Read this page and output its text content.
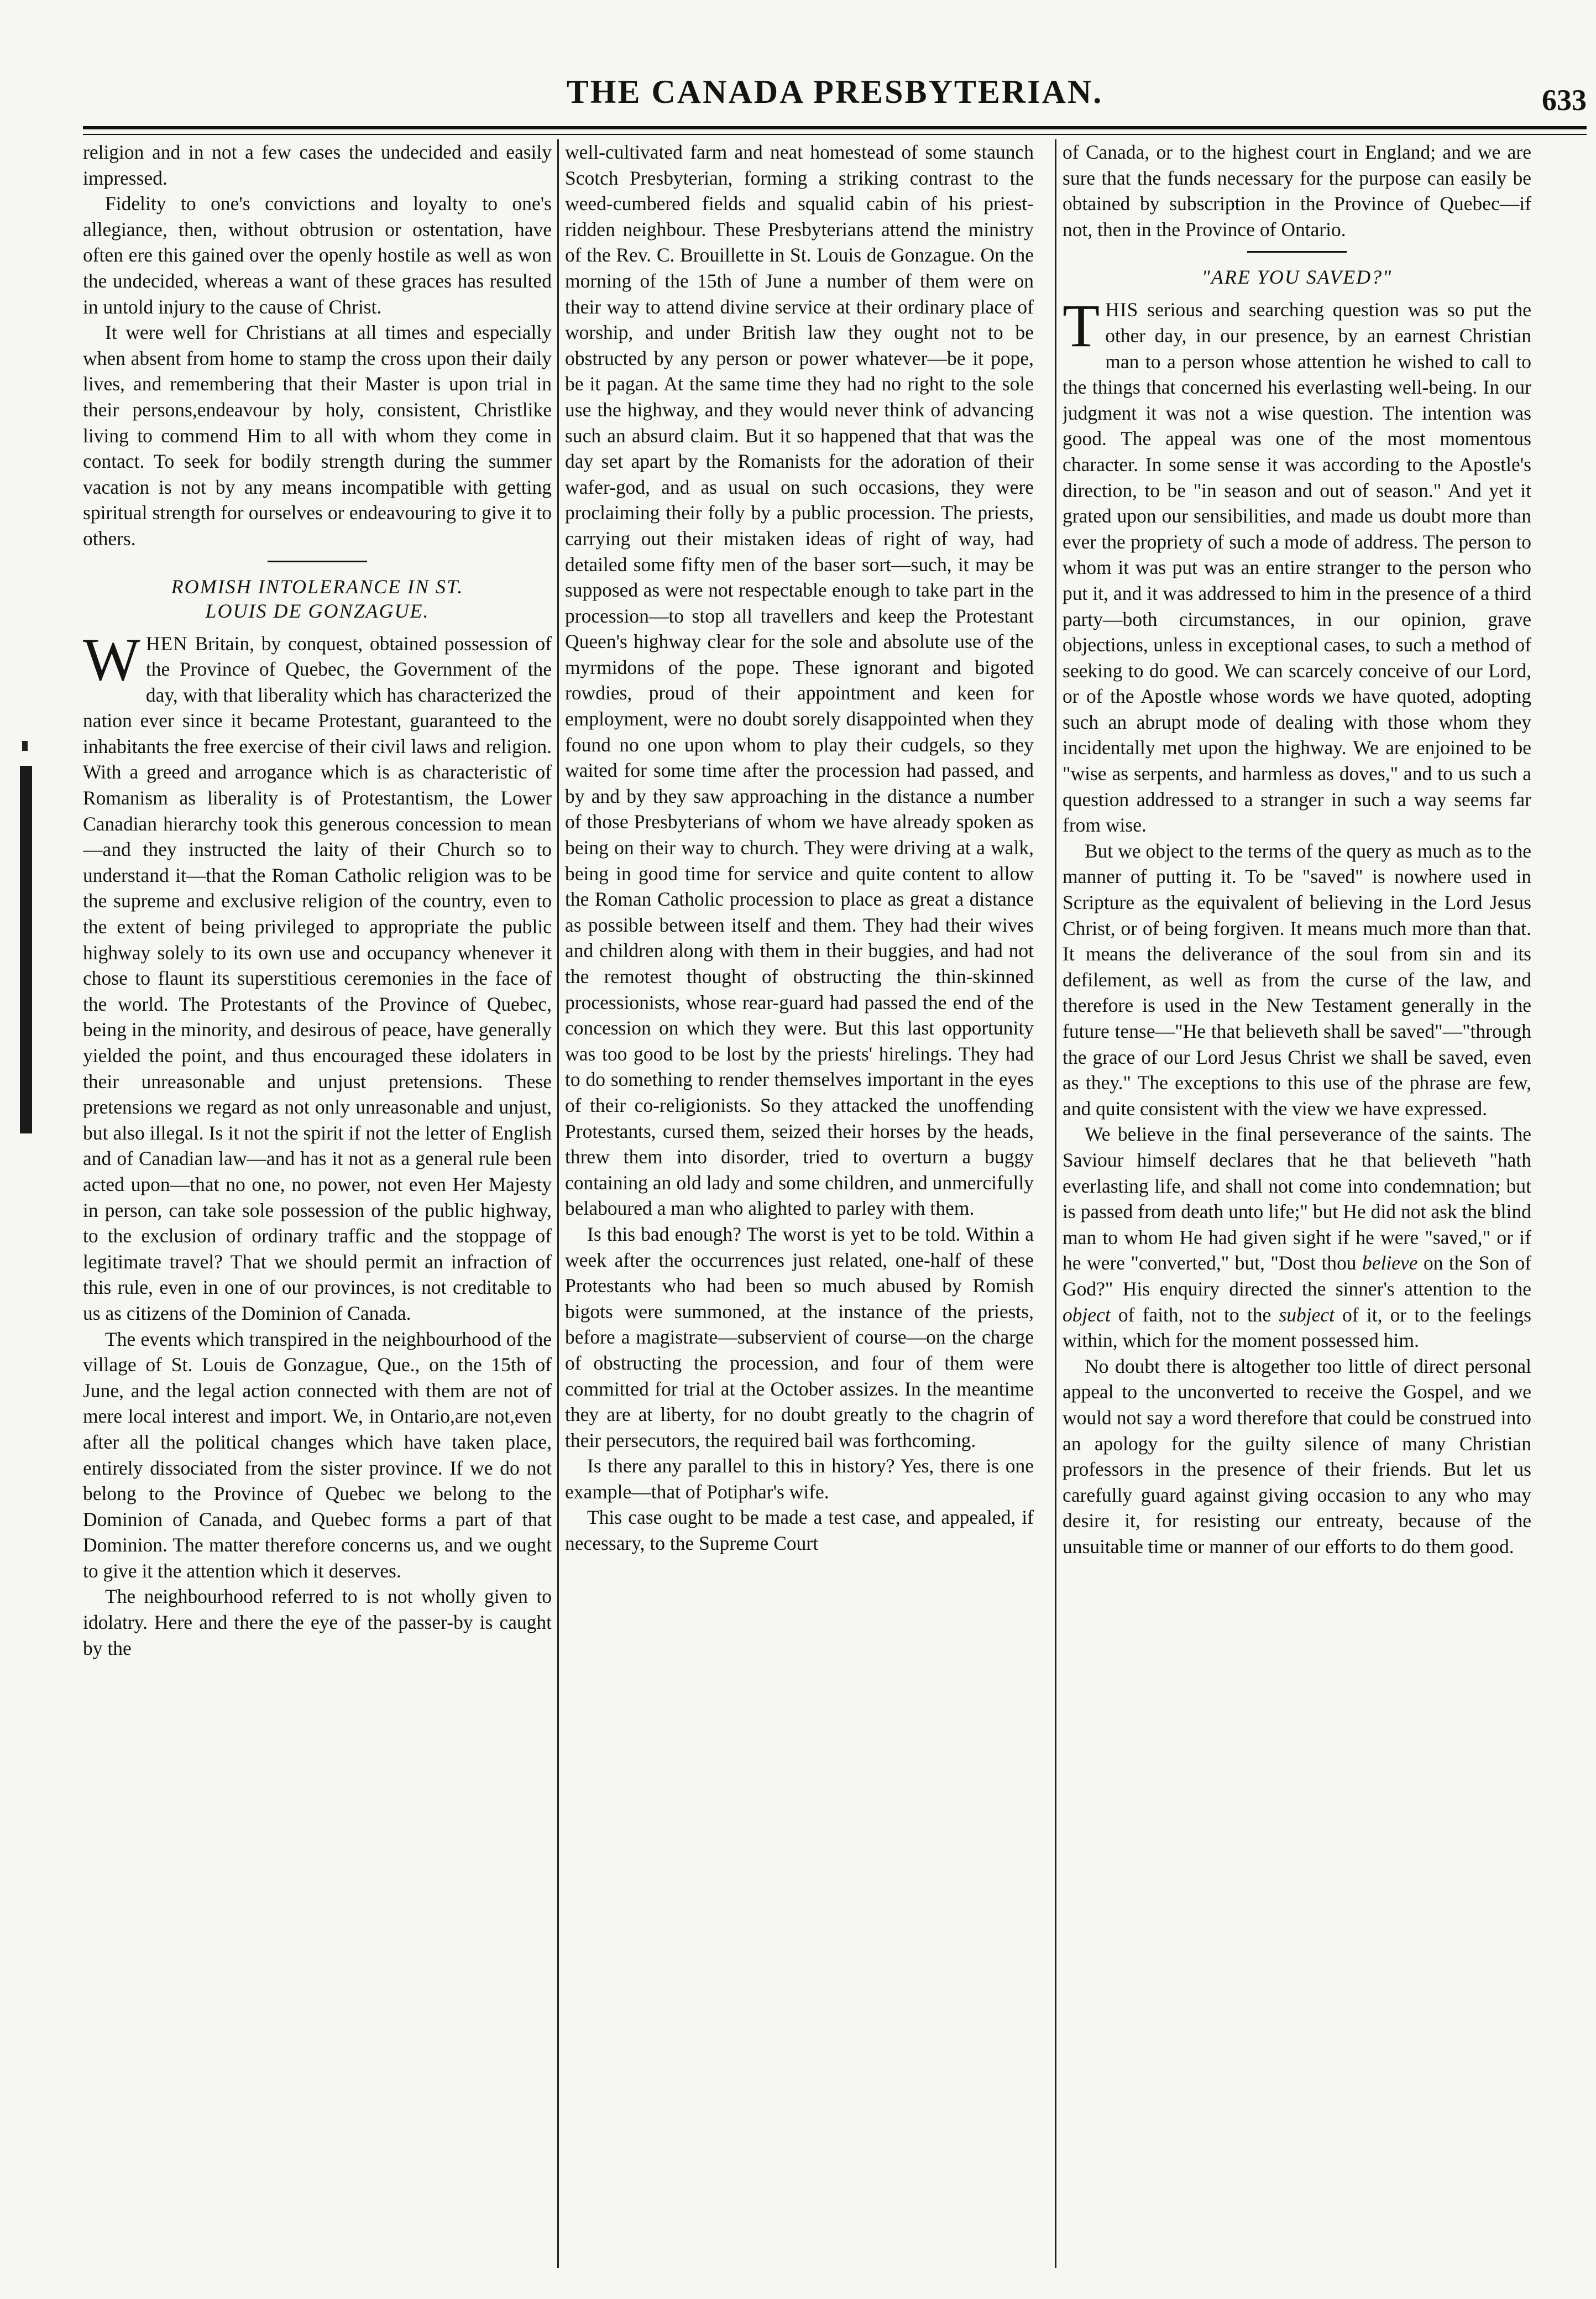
THE CANADA PRESBYTERIAN.	633

religion and in not a few cases the undecided and easily impressed.

Fidelity to one's convictions and loyalty to one's allegiance, then, without obtrusion or ostentation, have often ere this gained over the openly hostile as well as won the undecided, whereas a want of these graces has resulted in untold injury to the cause of Christ.

It were well for Christians at all times and especially when absent from home to stamp the cross upon their daily lives, and remembering that their Master is upon trial in their persons,endeavour by holy, consistent, Christlike living to commend Him to all with whom they come in contact. To seek for bodily strength during the summer vacation is not by any means incompatible with getting spiritual strength for ourselves or endeavouring to give it to others.

ROMISH INTOLERANCE IN ST.
LOUIS DE GONZAGUE.

WHEN Britain, by conquest, obtained possession of the Province of Quebec, the Government of the day, with that liberality which has characterized the nation ever since it became Protestant, guaranteed to the inhabitants the free exercise of their civil laws and religion. With a greed and arrogance which is as characteristic of Romanism as liberality is of Protestantism, the Lower Canadian hierarchy took this generous concession to mean—and they instructed the laity of their Church so to understand it—that the Roman Catholic religion was to be the supreme and exclusive religion of the country, even to the extent of being privileged to appropriate the public highway solely to its own use and occupancy whenever it chose to flaunt its superstitious ceremonies in the face of the world. The Protestants of the Province of Quebec, being in the minority, and desirous of peace, have generally yielded the point, and thus encouraged these idolaters in their unreasonable and unjust pretensions. These pretensions we regard as not only unreasonable and unjust, but also illegal. Is it not the spirit if not the letter of English and of Canadian law—and has it not as a general rule been acted upon—that no one, no power, not even Her Majesty in person, can take sole possession of the public highway, to the exclusion of ordinary traffic and the stoppage of legitimate travel? That we should permit an infraction of this rule, even in one of our provinces, is not creditable to us as citizens of the Dominion of Canada.

The events which transpired in the neighbourhood of the village of St. Louis de Gonzague, Que., on the 15th of June, and the legal action connected with them are not of mere local interest and import. We, in Ontario,are not,even after all the political changes which have taken place, entirely dissociated from the sister province. If we do not belong to the Province of Quebec we belong to the Dominion of Canada, and Quebec forms a part of that Dominion. The matter therefore concerns us, and we ought to give it the attention which it deserves.

The neighbourhood referred to is not wholly given to idolatry. Here and there the eye of the passer-by is caught by the

well-cultivated farm and neat homestead of some staunch Scotch Presbyterian, forming a striking contrast to the weed-cumbered fields and squalid cabin of his priest-ridden neighbour. These Presbyterians attend the ministry of the Rev. C. Brouillette in St. Louis de Gonzague. On the morning of the 15th of June a number of them were on their way to attend divine service at their ordinary place of worship, and under British law they ought not to be obstructed by any person or power whatever—be it pope, be it pagan. At the same time they had no right to the sole use the highway, and they would never think of advancing such an absurd claim. But it so happened that that was the day set apart by the Romanists for the adoration of their wafer-god, and as usual on such occasions, they were proclaiming their folly by a public procession. The priests, carrying out their mistaken ideas of right of way, had detailed some fifty men of the baser sort—such, it may be supposed as were not respectable enough to take part in the procession—to stop all travellers and keep the Protestant Queen's highway clear for the sole and absolute use of the myrmidons of the pope. These ignorant and bigoted rowdies, proud of their appointment and keen for employment, were no doubt sorely disappointed when they found no one upon whom to play their cudgels, so they waited for some time after the procession had passed, and by and by they saw approaching in the distance a number of those Presbyterians of whom we have already spoken as being on their way to church. They were driving at a walk, being in good time for service and quite content to allow the Roman Catholic procession to place as great a distance as possible between itself and them. They had their wives and children along with them in their buggies, and had not the remotest thought of obstructing the thin-skinned processionists, whose rear-guard had passed the end of the concession on which they were. But this last opportunity was too good to be lost by the priests' hirelings. They had to do something to render themselves important in the eyes of their co-religionists. So they attacked the unoffending Protestants, cursed them, seized their horses by the heads, threw them into disorder, tried to overturn a buggy containing an old lady and some children, and unmercifully belaboured a man who alighted to parley with them.

Is this bad enough? The worst is yet to be told. Within a week after the occurrences just related, one-half of these Protestants who had been so much abused by Romish bigots were summoned, at the instance of the priests, before a magistrate—subservient of course—on the charge of obstructing the procession, and four of them were committed for trial at the October assizes. In the meantime they are at liberty, for no doubt greatly to the chagrin of their persecutors, the required bail was forthcoming.

Is there any parallel to this in history? Yes, there is one example—that of Potiphar's wife.

This case ought to be made a test case, and appealed, if necessary, to the Supreme Court

of Canada, or to the highest court in England; and we are sure that the funds necessary for the purpose can easily be obtained by subscription in the Province of Quebec—if not, then in the Province of Ontario.

"ARE YOU SAVED?"

THIS serious and searching question was so put the other day, in our presence, by an earnest Christian man to a person whose attention he wished to call to the things that concerned his everlasting well-being. In our judgment it was not a wise question. The intention was good. The appeal was one of the most momentous character. In some sense it was according to the Apostle's direction, to be "in season and out of season." And yet it grated upon our sensibilities, and made us doubt more than ever the propriety of such a mode of address. The person to whom it was put was an entire stranger to the person who put it, and it was addressed to him in the presence of a third party—both circumstances, in our opinion, grave objections, unless in exceptional cases, to such a method of seeking to do good. We can scarcely conceive of our Lord, or of the Apostle whose words we have quoted, adopting such an abrupt mode of dealing with those whom they incidentally met upon the highway. We are enjoined to be "wise as serpents, and harmless as doves," and to us such a question addressed to a stranger in such a way seems far from wise.

But we object to the terms of the query as much as to the manner of putting it. To be "saved" is nowhere used in Scripture as the equivalent of believing in the Lord Jesus Christ, or of being forgiven. It means much more than that. It means the deliverance of the soul from sin and its defilement, as well as from the curse of the law, and therefore is used in the New Testament generally in the future tense—"He that believeth shall be saved"—"through the grace of our Lord Jesus Christ we shall be saved, even as they." The exceptions to this use of the phrase are few, and quite consistent with the view we have expressed.

We believe in the final perseverance of the saints. The Saviour himself declares that he that believeth "hath everlasting life, and shall not come into condemnation; but is passed from death unto life;" but He did not ask the blind man to whom He had given sight if he were "saved," or if he were "converted," but, "Dost thou believe on the Son of God?" His enquiry directed the sinner's attention to the object of faith, not to the subject of it, or to the feelings within, which for the moment possessed him.

No doubt there is altogether too little of direct personal appeal to the unconverted to receive the Gospel, and we would not say a word therefore that could be construed into an apology for the guilty silence of many Christian professors in the presence of their friends. But let us carefully guard against giving occasion to any who may desire it, for resisting our entreaty, because of the unsuitable time or manner of our efforts to do them good.
